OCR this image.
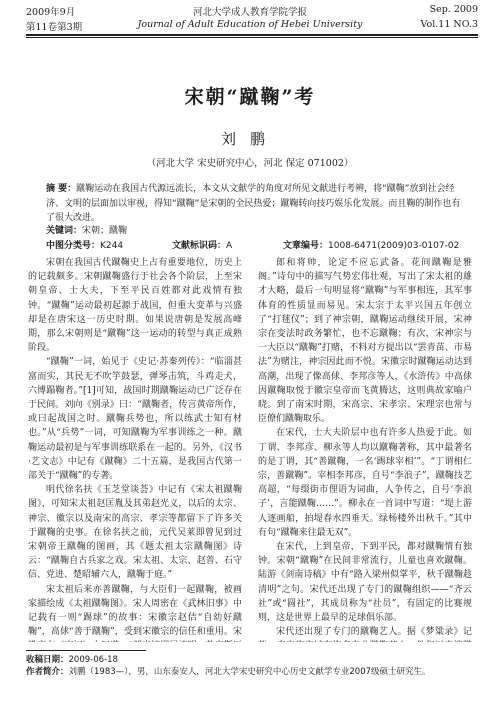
2009年9月	河北大学成人教育学院学报	Sep. 2009
第11卷第3期	Journal of Adult Education of Hebei University	Vol.11 NO.3
宋朝“蹴鞠”考
刘鹏
（河北大学 宋史研究中心，河北 保定 071002）
摘 要：蹴鞠运动在我国古代源远流长，本文从文献学的角度对所见文献进行考辨，将“蹴鞠”放到社会经济、文明的层面加以审视，得知“蹴鞠”是宋朝的全民热爱；蹴鞠转向技巧娱乐化发展。而且鞠的制作也有了很大改进。
关键词：宋朝；蹴鞠
中图分类号：K244	文献标识码：A	文章编号：1008-6471(2009)03-0107-02

宋朝在我国古代蹴鞠史上占有重要地位，历史上的记载颇多。宋朝蹴鞠盛行于社会各个阶层，上至宋朝皇帝、士大夫，下至平民百姓都对此戏情有独钟。“蹴鞠”运动最初起源于战国，但重大变革与兴盛却是在唐宋这一历史时期。如果说唐朝是发展高峰期，那么宋朝则是“蹴鞠”这一运动的转型与真正成熟阶段。

“蹴鞠”一词，始见于《史记·苏秦列传》：“临淄甚富而实，其民无不吹竽鼓瑟，弹琴击筑，斗鸡走犬，六博蹋鞠者。”[1]可知，战国时期蹴鞠运动已广泛存在于民间。刘向《别录》曰：“蹴鞠者，传言黄帝所作，或曰起战国之时。蹴鞠兵势也，所以练武士知有材也。”从“兵势”一词，可知蹴鞠为军事训练之一种。蹴鞠运动最初是与军事训练联系在一起的。另外，《汉书·艺文志》中记有《蹴鞠》二十五篇，是我国古代第一部关于“蹴鞠”的专著。

明代徐名扶《玉芝堂谈荟》中记有《宋太祖蹴鞠图》，可知宋太祖赵匡胤及其弟赵光义，以后的太宗、神宗、徽宗以及南宋的高宗、孝宗等都留下了许多关于蹴鞠的史事。在徐名扶之前，元代吴莱即曾见到过宋朝帝王蹴鞠的图画，其《题太祖太宗蹴鞠图》诗云：“蹴鞠自古兵家之戏。宋太祖、太宗、赵普、石守信、党进、楚昭辅六人，蹴鞠于庭。”

宋太祖后来亦善蹴鞠，与大臣们一起蹴鞠，被画家描绘成《太祖蹴鞠图》。宋人周密在《武林旧事》中记载有一则“踢球”的故事：宋徽宗赵佶“自幼好蹴鞠”，高俅“善于蹴鞠”，受到宋徽宗的信任和重用。宋

郎和将帅，论定不应忘武备。花间蹴鞠是雅阁。”诗句中的描写气势宏伟壮观，写出了宋太祖的雄才大略，最后一句明显将“蹴鞠”与军事相连，其军事体育的性质显而易见。宋太宗于太平兴国五年创立了“打毬仪”；到了神宗朝，蹴鞠运动继续开展，宋神宗在变法时政务繁忙，也不忘蹴鞠；有次，宋神宗与一大臣以“蹴鞠”打赌，不料对方提出以“罢青苗、市易法”为赌注，神宗因此而不悦。宋徽宗时蹴鞠运动达到高潮，出现了像高俅、李邦彦等人，《水浒传》中高俅因蹴鞠取悦于徽宗皇帝而飞黄腾达，这则典故家喻户晓。到了南宋时期，宋高宗、宋孝宗、宋理宗也常与臣僚们蹴鞠取乐。

在宋代，士大夫阶层中也有许多人热爱于此。如丁谓、李邦彦、柳永等人均以蹴鞠著称，其中最著名的是丁谓，其“善蹴鞠，一名‘踢球宰相’”。“丁谓相仁宗，善蹴鞠”。宰相李邦彦，自号“李浪子”，蹴鞠技艺高超，“每缀街巿俚语为词曲，人争传之，自号‘李浪子’，言能蹴鞠……”。柳永在一首词中写道：“堤上游人逐画船，拍堤春水四垂天。绿杨楼外出秋千。”其中有句“蹴鞠来往最无双”。

在宋代，上到皇帝，下到平民，都对蹴鞠情有独钟。宋朝“蹴鞠”在民间非常流行，儿童也喜欢蹴鞠。陆游《剑南诗稿》中有“路入梁州似掌平，秋千蹴鞠趁清明”之句。宋代还出现了专门的蹴鞠组织——“齐云社”或“圆社”，其成员称为“社员”，有固定的比赛规则，这是世界上最早的足球俱乐部。

宋代还出现了专门的蹴鞠艺人。据《梦粱录》记

收稿日期：2009-06-18
作者简介：刘鹏（1983—），男，山东泰安人，河北大学宋史研究中心历史文献学专业2007级硕士研究生。
